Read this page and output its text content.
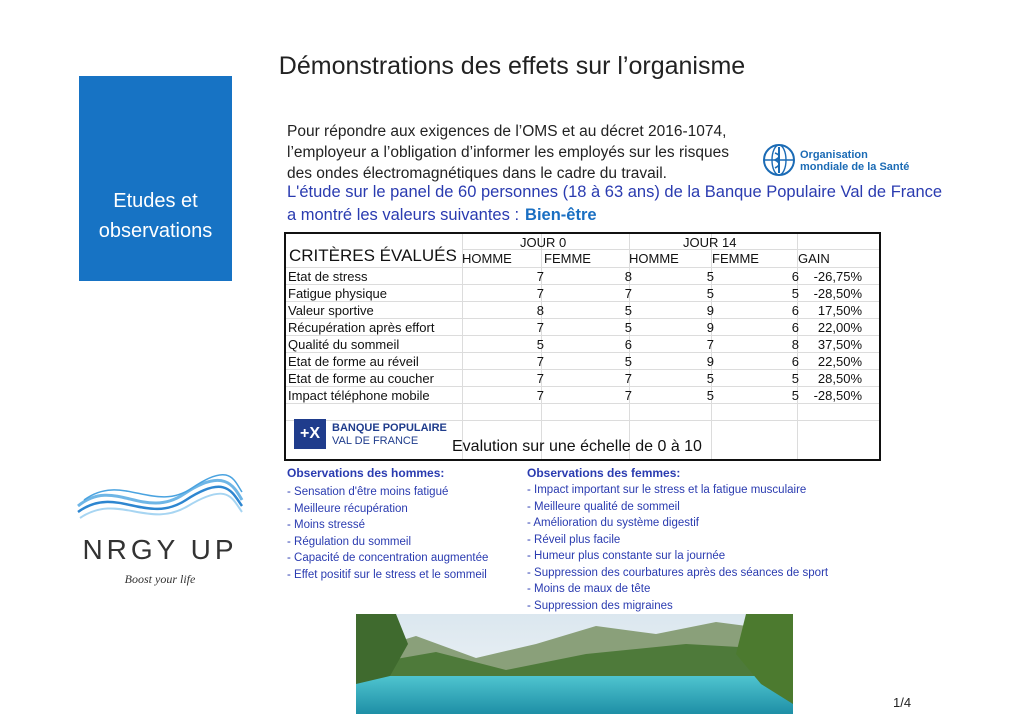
Démonstrations des effets sur l’organisme
Etudes et
observations
Pour répondre aux exigences de l’OMS et au décret 2016-1074, l’employeur a l’obligation d’informer les employés sur les risques des ondes électromagnétiques dans le cadre du travail.
Organisation
mondiale de la Santé
L'étude sur le panel de 60 personnes (18 à 63 ans) de la Banque Populaire Val de France
a montré les valeurs suivantes : Bien-être
CRITÈRES ÉVALUÉS
JOUR 0	JOUR 14
HOMME FEMME	HOMME	FEMME	GAIN
Etat de stress	7	8	5	6	-26,75%
Fatigue physique	7	7	5	5	-28,50%
Valeur sportive	8	5	9	6	17,50%
Récupération après effort	7	5	9	6	22,00%
Qualité du sommeil	5	6	7	8	37,50%
Etat de forme au réveil	7	5	9	6	22,50%
Etat de forme au coucher	7	7	5	5	28,50%
Impact téléphone mobile	7	7	5	5	-28,50%
+X	BANQUE POPULAIRE
VAL DE FRANCE Evalution sur une échelle de 0 à 10
Observations des hommes:
- Sensation d'être moins fatigué
- Meilleure récupération
- Moins stressé
- Régulation du sommeil
- Capacité de concentration augmentée
- Effet positif sur le stress et le sommeil
Observations des femmes:
- Impact important sur le stress et la fatigue musculaire
- Meilleure qualité de sommeil
- Amélioration du système digestif
- Réveil plus facile
- Humeur plus constante sur la journée
- Suppression des courbatures après des séances de sport
- Moins de maux de tête
- Suppression des migraines
NRGY UP
Boost your life
1/4
